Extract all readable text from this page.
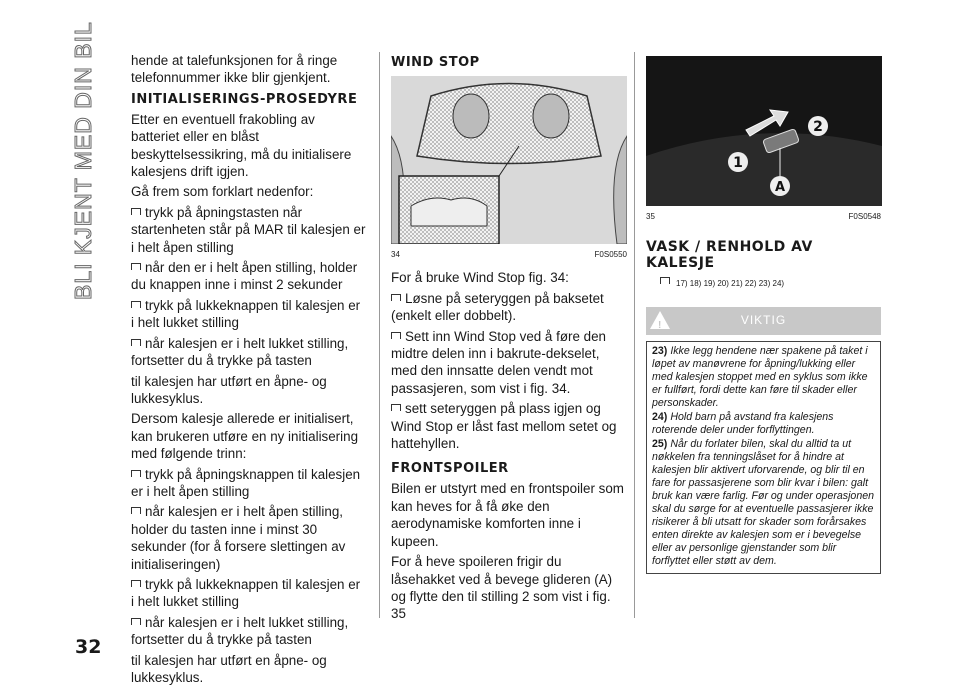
BLI KJENT MED DIN BIL
32

hende at talefunksjonen for å ringe telefonnummer ikke blir gjenkjent.

INITIALISERINGS-PROSEDYRE

Etter en eventuell frakobling av batteriet eller en blåst beskyttelsessikring, må du initialisere kalesjens drift igjen.

Gå frem som forklart nedenfor:

trykk på åpningstasten når startenheten står på MAR til kalesjen er i helt åpen stilling

når den er i helt åpen stilling, holder du knappen inne i minst 2 sekunder

trykk på lukkeknappen til kalesjen er i helt lukket stilling

når kalesjen er i helt lukket stilling, fortsetter du å trykke på tasten

til kalesjen har utført en åpne- og lukkesyklus.

Dersom kalesje allerede er initialisert, kan brukeren utføre en ny initialisering med følgende trinn:

trykk på åpningsknappen til kalesjen er i helt åpen stilling

når kalesjen er i helt åpen stilling, holder du tasten inne i minst 30 sekunder (for å forsere slettingen av initialiseringen)

trykk på lukkeknappen til kalesjen er i helt lukket stilling

når kalesjen er i helt lukket stilling, fortsetter du å trykke på tasten

til kalesjen har utført en åpne- og lukkesyklus.

WIND STOP
34	F0S0550

For å bruke Wind Stop fig. 34:

Løsne på seteryggen på baksetet (enkelt eller dobbelt).

Sett inn Wind Stop ved å føre den midtre delen inn i bakrute-dekselet, med den innsatte delen vendt mot passasjeren, som vist i fig. 34.

sett seteryggen på plass igjen og Wind Stop er låst fast mellom setet og hattehyllen.

FRONTSPOILER

Bilen er utstyrt med en frontspoiler som kan heves for å få øke den aerodynamiske komforten inne i kupeen.

For å heve spoileren frigir du låsehakket ved å bevege glideren (A) og flytte den til stilling 2 som vist i fig. 35

2
1
A
35	F0S0548
VASK / RENHOLD AV KALESJE
17) 18) 19) 20) 21) 22) 23) 24)
!	VIKTIG

23) Ikke legg hendene nær spakene på taket i løpet av manøvrene for åpning/lukking eller med kalesjen stoppet med en syklus som ikke er fullført, fordi dette kan føre til skader eller personskader.

24) Hold barn på avstand fra kalesjens roterende deler under forflyttingen.

25) Når du forlater bilen, skal du alltid ta ut nøkkelen fra tenningslåset for å hindre at kalesjen blir aktivert uforvarende, og blir til en fare for passasjerene som blir kvar i bilen: galt bruk kan være farlig. Før og under operasjonen skal du sørge for at eventuelle passasjerer ikke risikerer å bli utsatt for skader som forårsakes enten direkte av kalesjen som er i bevegelse eller av personlige gjenstander som blir forflyttet eller støtt av dem.
